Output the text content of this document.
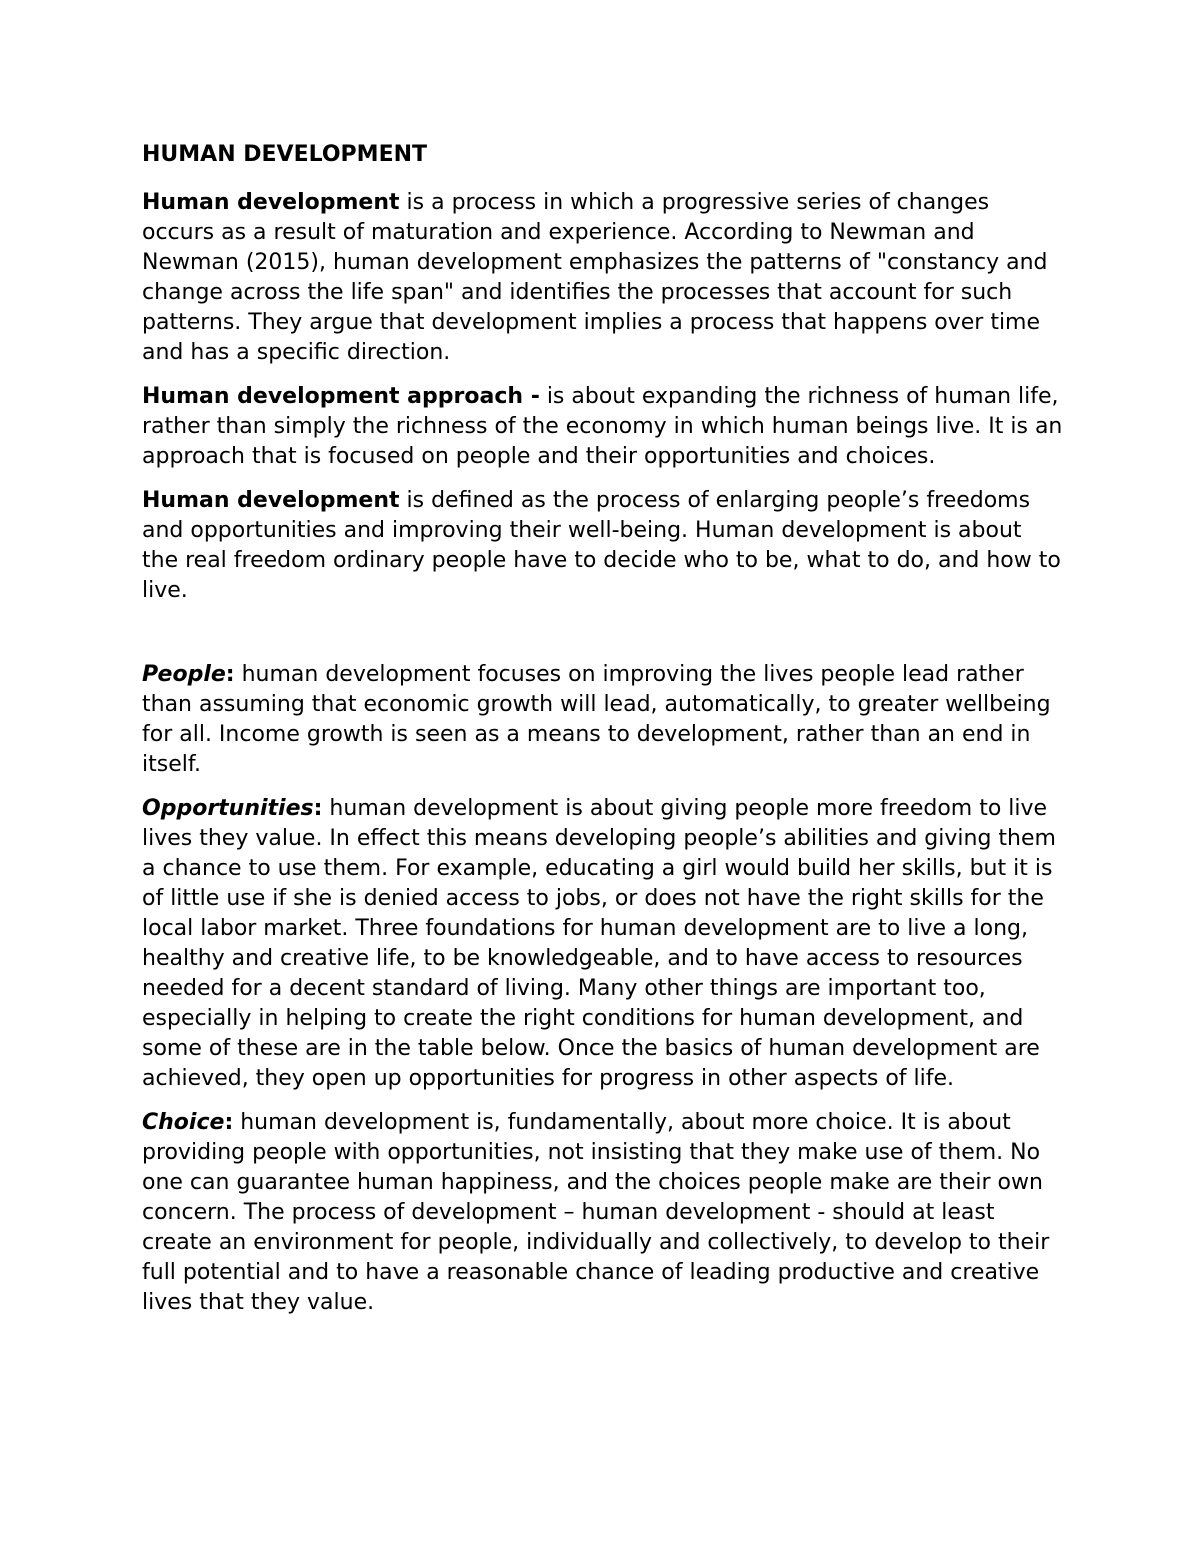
HUMAN DEVELOPMENT

Human development is a process in which a progressive series of changes occurs as a result of maturation and experience. According to Newman and Newman (2015), human development emphasizes the patterns of "constancy and change across the life span" and identifies the processes that account for such patterns. They argue that development implies a process that happens over time and has a specific direction.

Human development approach - is about expanding the richness of human life, rather than simply the richness of the economy in which human beings live. It is an approach that is focused on people and their opportunities and choices.

Human development is defined as the process of enlarging people’s freedoms and opportunities and improving their well-being. Human development is about the real freedom ordinary people have to decide who to be, what to do, and how to live.

People: human development focuses on improving the lives people lead rather than assuming that economic growth will lead, automatically, to greater wellbeing for all. Income growth is seen as a means to development, rather than an end in itself.

Opportunities: human development is about giving people more freedom to live lives they value. In effect this means developing people’s abilities and giving them a chance to use them. For example, educating a girl would build her skills, but it is of little use if she is denied access to jobs, or does not have the right skills for the local labor market. Three foundations for human development are to live a long, healthy and creative life, to be knowledgeable, and to have access to resources needed for a decent standard of living. Many other things are important too, especially in helping to create the right conditions for human development, and some of these are in the table below. Once the basics of human development are achieved, they open up opportunities for progress in other aspects of life.

Choice: human development is, fundamentally, about more choice. It is about providing people with opportunities, not insisting that they make use of them. No one can guarantee human happiness, and the choices people make are their own concern. The process of development – human development - should at least create an environment for people, individually and collectively, to develop to their full potential and to have a reasonable chance of leading productive and creative lives that they value.
